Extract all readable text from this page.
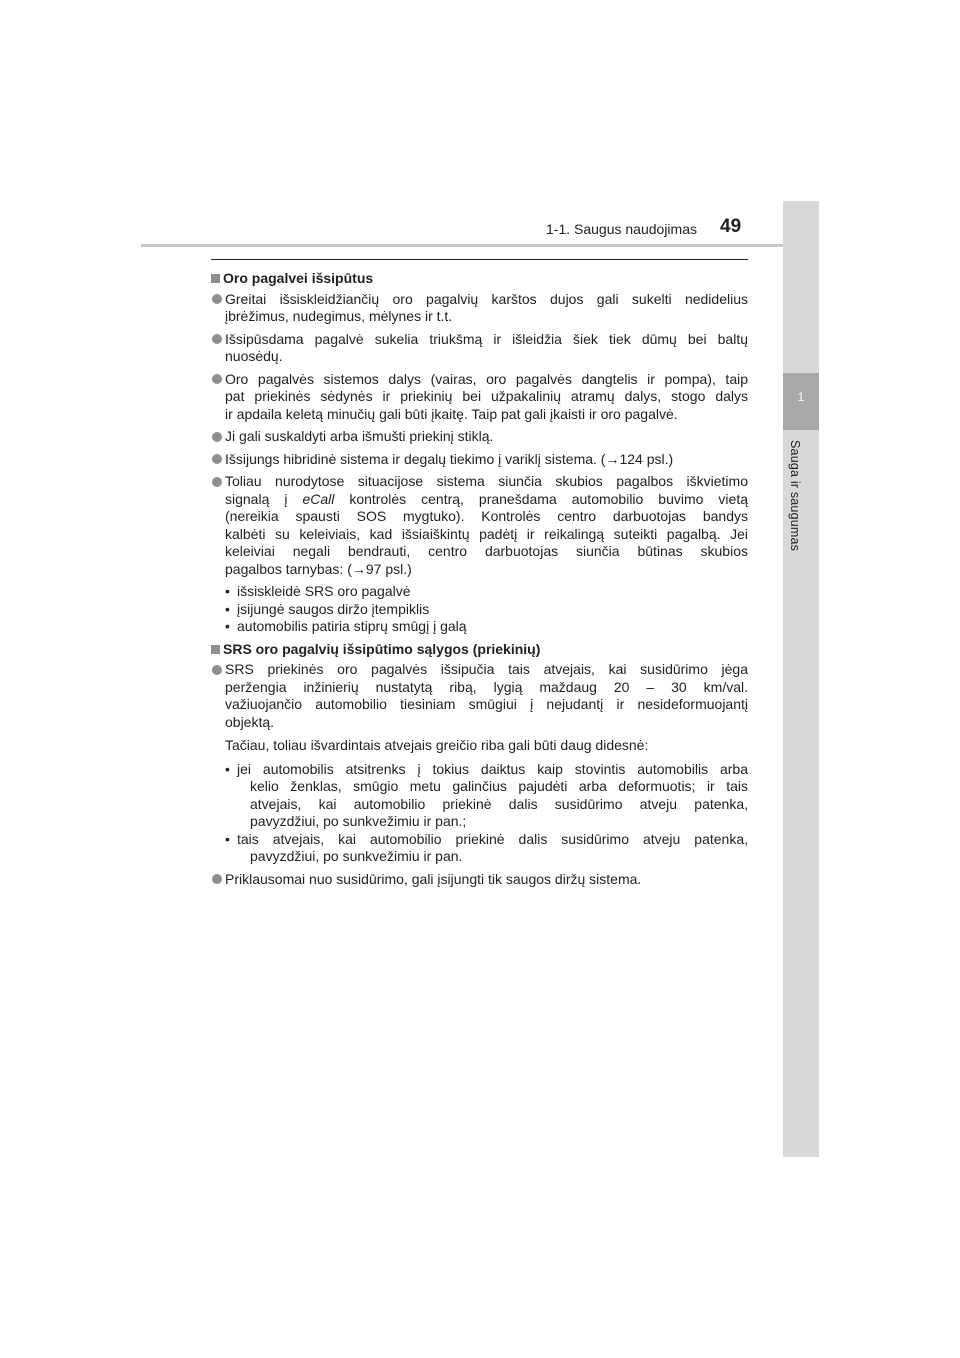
1-1. Saugus naudojimas 49
1
Sauga ir saugumas
Oro pagalvei išsipūtus
Greitai išsiskleidžiančių oro pagalvių karštos dujos gali sukelti nedidelius
įbrėžimus, nudegimus, mėlynes ir t.t.
Išsipūsdama pagalvė sukelia triukšmą ir išleidžia šiek tiek dūmų bei baltų
nuosėdų.
Oro pagalvės sistemos dalys (vairas, oro pagalvės dangtelis ir pompa), taip
pat priekinės sėdynės ir priekinių bei užpakalinių atramų dalys, stogo dalys
ir apdaila keletą minučių gali būti įkaitę. Taip pat gali įkaisti ir oro pagalvė.
Ji gali suskaldyti arba išmušti priekinį stiklą.
Išsijungs hibridinė sistema ir degalų tiekimo į variklį sistema. (→124 psl.)
Toliau nurodytose situacijose sistema siunčia skubios pagalbos iškvietimo
signalą į eCall kontrolės centrą, pranešdama automobilio buvimo vietą
(nereikia spausti SOS mygtuko). Kontrolės centro darbuotojas bandys
kalbėti su keleiviais, kad išsiaiškintų padėtį ir reikalingą suteikti pagalbą. Jei
keleiviai negali bendrauti, centro darbuotojas siunčia būtinas skubios
pagalbos tarnybas: (→97 psl.)
• išsiskleidė SRS oro pagalvė
• įsijungė saugos diržo įtempiklis
• automobilis patiria stiprų smūgį į galą
SRS oro pagalvių išsipūtimo sąlygos (priekinių)
SRS priekinės oro pagalvės išsipučia tais atvejais, kai susidūrimo jėga
peržengia inžinierių nustatytą ribą, lygią maždaug 20 – 30 km/val.
važiuojančio automobilio tiesiniam smūgiui į nejudantį ir nesideformuojantį
objektą.
Tačiau, toliau išvardintais atvejais greičio riba gali būti daug didesnė:
• jei automobilis atsitrenks į tokius daiktus kaip stovintis automobilis arba
kelio ženklas, smūgio metu galinčius pajudėti arba deformuotis; ir tais
atvejais, kai automobilio priekinė dalis susidūrimo atveju patenka,
pavyzdžiui, po sunkvežimiu ir pan.;
• tais atvejais, kai automobilio priekinė dalis susidūrimo atveju patenka,
pavyzdžiui, po sunkvežimiu ir pan.
Priklausomai nuo susidūrimo, gali įsijungti tik saugos diržų sistema.
